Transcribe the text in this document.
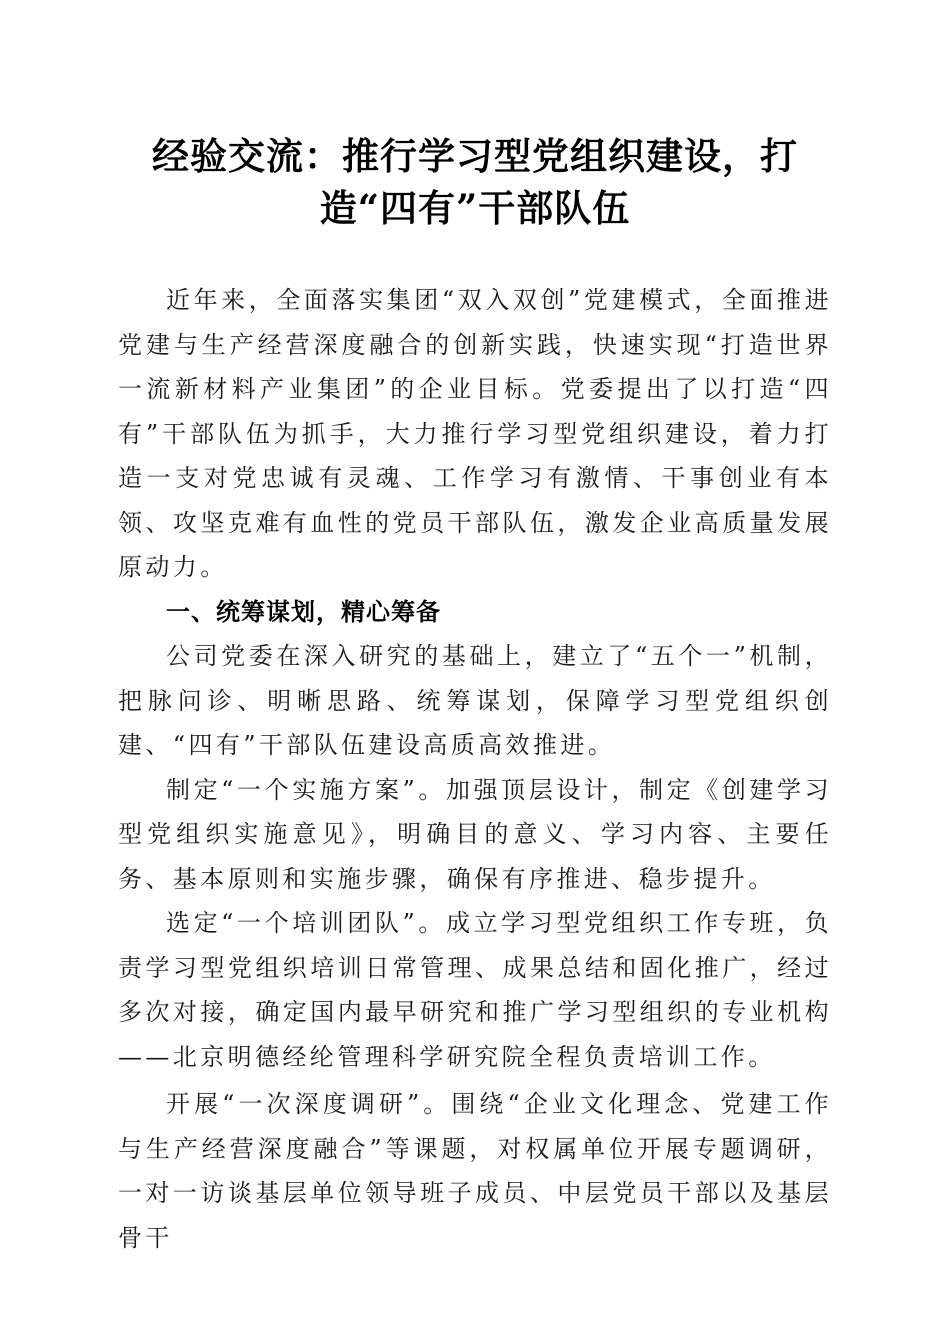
经验交流：推行学习型党组织建设，打造“四有”干部队伍

近年来，全面落实集团“双入双创”党建模式，全面推进党建与生产经营深度融合的创新实践，快速实现“打造世界一流新材料产业集团”的企业目标。党委提出了以打造“四有”干部队伍为抓手，大力推行学习型党组织建设，着力打造一支对党忠诚有灵魂、工作学习有激情、干事创业有本领、攻坚克难有血性的党员干部队伍，激发企业高质量发展原动力。

一、统筹谋划，精心筹备

公司党委在深入研究的基础上，建立了“五个一”机制，把脉问诊、明晰思路、统筹谋划，保障学习型党组织创建、“四有”干部队伍建设高质高效推进。

制定“一个实施方案”。加强顶层设计，制定《创建学习型党组织实施意见》，明确目的意义、学习内容、主要任务、基本原则和实施步骤，确保有序推进、稳步提升。

选定“一个培训团队”。成立学习型党组织工作专班，负责学习型党组织培训日常管理、成果总结和固化推广，经过多次对接，确定国内最早研究和推广学习型组织的专业机构——北京明德经纶管理科学研究院全程负责培训工作。

开展“一次深度调研”。围绕“企业文化理念、党建工作与生产经营深度融合”等课题，对权属单位开展专题调研，一对一访谈基层单位领导班子成员、中层党员干部以及基层骨干
